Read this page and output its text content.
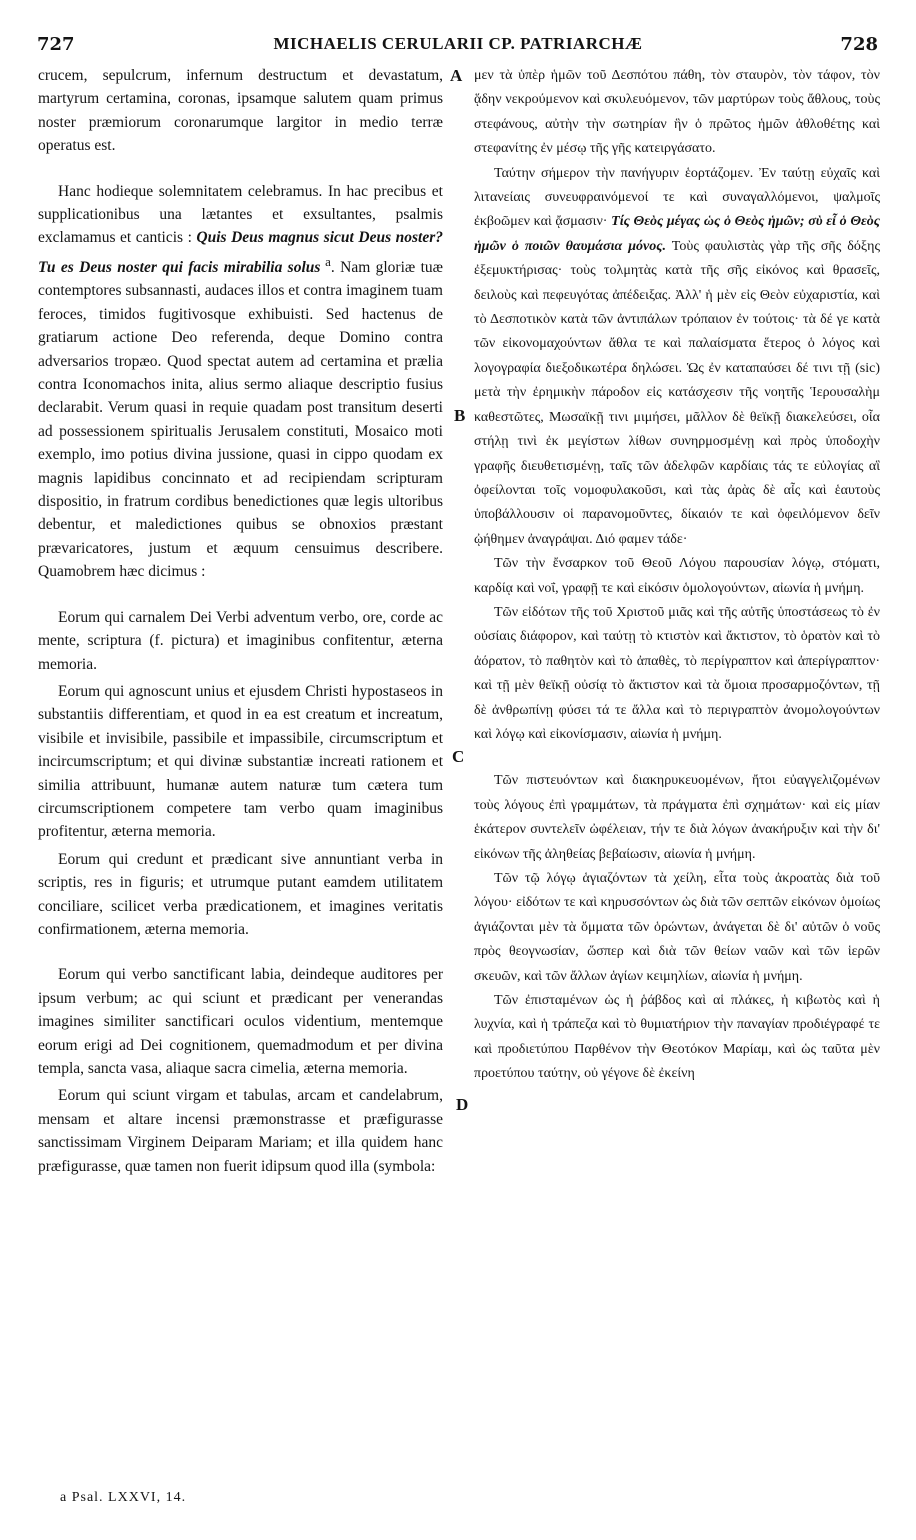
727	MICHAELIS CERULARII CP. PATRIARCHÆ	728

crucem, sepulcrum, infernum destructum et devastatum, martyrum certamina, coronas, ipsamque salutem quam primus noster præmiorum coronarumque largitor in medio terræ operatus est.

Hanc hodieque solemnitatem celebramus. In hac precibus et supplicationibus una lætantes et exsultantes, psalmis exclamamus et canticis : Quis Deus magnus sicut Deus noster? Tu es Deus noster qui facis mirabilia solus $^a$. Nam gloriæ tuæ contemptores subsannasti, audaces illos et contra imaginem tuam feroces, timidos fugitivosque exhibuisti. Sed hactenus de gratiarum actione Deo referenda, deque Domino contra adversarios tropæo. Quod spectat autem ad certamina et prælia contra Iconomachos inita, alius sermo aliaque descriptio fusius declarabit. Verum quasi in requie quadam post transitum deserti ad possessionem spiritualis Jerusalem constituti, Mosaico moti exemplo, imo potius divina jussione, quasi in cippo quodam ex magnis lapidibus concinnato et ad recipiendam scripturam dispositio, in fratrum cordibus benedictiones quæ legis ultoribus debentur, et maledictiones quibus se obnoxios præstant prævaricatores, justum et æquum censuimus describere. Quamobrem hæc dicimus :

Eorum qui carnalem Dei Verbi adventum verbo, ore, corde ac mente, scriptura (f. pictura) et imaginibus confitentur, æterna memoria.

Eorum qui agnoscunt unius et ejusdem Christi hypostaseos in substantiis differentiam, et quod in ea est creatum et increatum, visibile et invisibile, passibile et impassibile, circumscriptum et incircumscriptum; et qui divinæ substantiæ increati rationem et similia attribuunt, humanæ autem naturæ tum cætera tum circumscriptionem competere tam verbo quam imaginibus profitentur, æterna memoria.

Eorum qui credunt et prædicant sive annuntiant verba in scriptis, res in figuris; et utrumque putant eamdem utilitatem conciliare, scilicet verba prædicationem, et imagines veritatis confirmationem, æterna memoria.

Eorum qui verbo sanctificant labia, deindeque auditores per ipsum verbum; ac qui sciunt et prædicant per venerandas imagines similiter sanctificari oculos videntium, mentemque eorum erigi ad Dei cognitionem, quemadmodum et per divina templa, sancta vasa, aliaque sacra cimelia, æterna memoria.

Eorum qui sciunt virgam et tabulas, arcam et candelabrum, mensam et altare incensi præmonstrasse et præfigurasse sanctissimam Virginem Deiparam Mariam; et illa quidem hanc præfigurasse, quæ tamen non fuerit idipsum quod illa (symbola:

μεν τὰ ὑπὲρ ἡμῶν τοῦ Δεσπότου πάθη, τὸν σταυρὸν, τὸν τάφον, τὸν ᾅδην νεκρούμενον καὶ σκυλευόμενον, τῶν μαρτύρων τοὺς ἄθλους, τοὺς στεφάνους, αὐτὴν τὴν σωτηρίαν ἣν ὁ πρῶτος ἡμῶν ἀθλοθέτης καὶ στεφανίτης ἐν μέσῳ τῆς γῆς κατειργάσατο.

Ταύτην σήμερον τὴν πανήγυριν ἑορτάζομεν. Ἐν ταύτῃ εὐχαῖς καὶ λιτανείαις συνευφραινόμενοί τε καὶ συναγαλλόμενοι, ψαλμοῖς ἐκβοῶμεν καὶ ᾄσμασιν· Τίς Θεὸς μέγας ὡς ὁ Θεὸς ἡμῶν; σὺ εἶ ὁ Θεὸς ἡμῶν ὁ ποιῶν θαυμάσια μόνος. Τοὺς φαυλιστὰς γὰρ τῆς σῆς δόξης ἐξεμυκτήρισας· τοὺς τολμητὰς κατὰ τῆς σῆς εἰκόνος καὶ θρασεῖς, δειλοὺς καὶ πεφευγότας ἀπέδειξας. Ἀλλ' ἡ μὲν εἰς Θεὸν εὐχαριστία, καὶ τὸ Δεσποτικὸν κατὰ τῶν ἀντιπάλων τρόπαιον ἐν τούτοις· τὰ δέ γε κατὰ τῶν εἰκονομαχούντων ἄθλα τε καὶ παλαίσματα ἕτερος ὁ λόγος καὶ λογογραφία διεξοδικωτέρα δηλώσει. Ὡς ἐν καταπαύσει δέ τινι τῇ (sic) μετὰ τὴν ἐρημικὴν πάροδον εἰς κατάσχεσιν τῆς νοητῆς Ἱερουσαλὴμ καθεστῶτες, Μωσαϊκῇ τινι μιμήσει, μᾶλλον δὲ θεϊκῇ διακελεύσει, οἷα στήλῃ τινὶ ἐκ μεγίστων λίθων συνηρμοσμένῃ καὶ πρὸς ὑποδοχὴν γραφῆς διευθετισμένῃ, ταῖς τῶν ἀδελφῶν καρδίαις τάς τε εὐλογίας αἳ ὀφείλονται τοῖς νομοφυλακοῦσι, καὶ τὰς ἀρὰς δὲ αἷς καὶ ἑαυτοὺς ὑποβάλλουσιν οἱ παρανομοῦντες, δίκαιόν τε καὶ ὀφειλόμενον δεῖν ᾠήθημεν ἀναγράψαι. Διό φαμεν τάδε·

Τῶν τὴν ἔνσαρκον τοῦ Θεοῦ Λόγου παρουσίαν λόγῳ, στόματι, καρδίᾳ καὶ νοΐ, γραφῇ τε καὶ εἰκόσιν ὁμολογούντων, αἰωνία ἡ μνήμη.

Τῶν εἰδότων τῆς τοῦ Χριστοῦ μιᾶς καὶ τῆς αὐτῆς ὑποστάσεως τὸ ἐν οὐσίαις διάφορον, καὶ ταύτῃ τὸ κτιστὸν καὶ ἄκτιστον, τὸ ὁρατὸν καὶ τὸ ἀόρατον, τὸ παθητὸν καὶ τὸ ἀπαθὲς, τὸ περίγραπτον καὶ ἀπερίγραπτον· καὶ τῇ μὲν θεϊκῇ οὐσίᾳ τὸ ἄκτιστον καὶ τὰ ὅμοια προσαρμοζόντων, τῇ δὲ ἀνθρωπίνῃ φύσει τά τε ἄλλα καὶ τὸ περιγραπτὸν ἀνομολογούντων καὶ λόγῳ καὶ εἰκονίσμασιν, αἰωνία ἡ μνήμη.

Τῶν πιστευόντων καὶ διακηρυκευομένων, ἤτοι εὐαγγελιζομένων τοὺς λόγους ἐπὶ γραμμάτων, τὰ πράγματα ἐπὶ σχημάτων· καὶ εἰς μίαν ἑκάτερον συντελεῖν ὠφέλειαν, τήν τε διὰ λόγων ἀνακήρυξιν καὶ τὴν δι' εἰκόνων τῆς ἀληθείας βεβαίωσιν, αἰωνία ἡ μνήμη.

Τῶν τῷ λόγῳ ἁγιαζόντων τὰ χείλη, εἶτα τοὺς ἀκροατὰς διὰ τοῦ λόγου· εἰδότων τε καὶ κηρυσσόντων ὡς διὰ τῶν σεπτῶν εἰκόνων ὁμοίως ἁγιάζονται μὲν τὰ ὄμματα τῶν ὁρώντων, ἀνάγεται δὲ δι' αὐτῶν ὁ νοῦς πρὸς θεογνωσίαν, ὥσπερ καὶ διὰ τῶν θείων ναῶν καὶ τῶν ἱερῶν σκευῶν, καὶ τῶν ἄλλων ἁγίων κειμηλίων, αἰωνία ἡ μνήμη.

Τῶν ἐπισταμένων ὡς ἡ ῥάβδος καὶ αἱ πλάκες, ἡ κιβωτὸς καὶ ἡ λυχνία, καὶ ἡ τράπεζα καὶ τὸ θυμιατήριον τὴν παναγίαν προδιέγραφέ τε καὶ προδιετύπου Παρθένον τὴν Θεοτόκον Μαρίαμ, καὶ ὡς ταῦτα μὲν προετύπου ταύτην, οὐ γέγονε δὲ ἐκείνη

A
B
C
D
a Psal. LXXVI, 14.
